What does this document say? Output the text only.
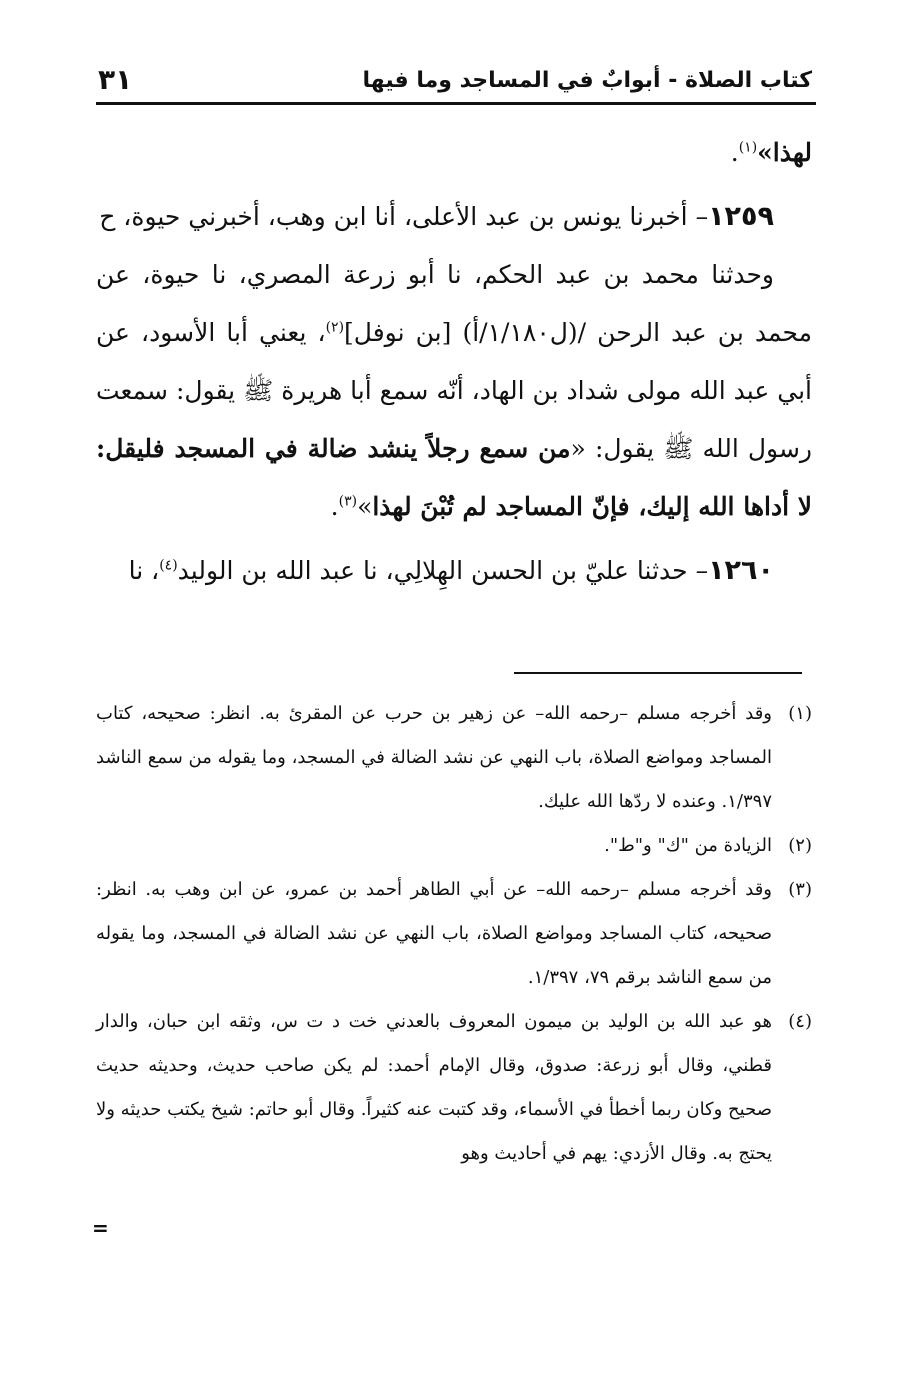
كتاب الصلاة - أبوابٌ في المساجد وما فيها
٣١

لهذا»$^{(١)}$.

١٢٥٩– أخبرنا يونس بن عبد الأعلى، أنا ابن وهب، أخبرني حيوة، ح

وحدثنا محمد بن عبد الحكم، نا أبو زرعة المصري، نا حيوة، عن محمد بن عبد الرحن /(ل١/١٨٠/أ) [بن نوفل]$^{(٢)}$، يعني أبا الأسود، عن أبي عبد الله مولى شداد بن الهاد، أنّه سمع أبا هريرة ﷺ يقول: سمعت رسول الله ﷺ يقول: «من سمع رجلاً ينشد ضالة في المسجد فليقل: لا أداها الله إليك، فإنّ المساجد لم تُبْنَ لهذا»$^{(٣)}$.

١٢٦٠– حدثنا عليّ بن الحسن الهِلالِي، نا عبد الله بن الوليد$^{(٤)}$، نا

(١)
وقد أخرجه مسلم –رحمه الله– عن زهير بن حرب عن المقرئ به. انظر: صحيحه، كتاب المساجد ومواضع الصلاة، باب النهي عن نشد الضالة في المسجد، وما يقوله من سمع الناشد ١/٣٩٧. وعنده لا ردّها الله عليك.
(٢)
الزيادة من "ك" و"ط".
(٣)
وقد أخرجه مسلم –رحمه الله– عن أبي الطاهر أحمد بن عمرو، عن ابن وهب به. انظر: صحيحه، كتاب المساجد ومواضع الصلاة، باب النهي عن نشد الضالة في المسجد، وما يقوله من سمع الناشد برقم ٧٩، ١/٣٩٧.
(٤)
هو عبد الله بن الوليد بن ميمون المعروف بالعدني خت د ت س، وثقه ابن حبان، والدار قطني، وقال أبو زرعة: صدوق، وقال الإمام أحمد: لم يكن صاحب حديث، وحديثه حديث صحيح وكان ربما أخطأ في الأسماء، وقد كتبت عنه كثيراً. وقال أبو حاتم: شيخ يكتب حديثه ولا يحتج به. وقال الأزدي: يهم في أحاديث وهو
=
